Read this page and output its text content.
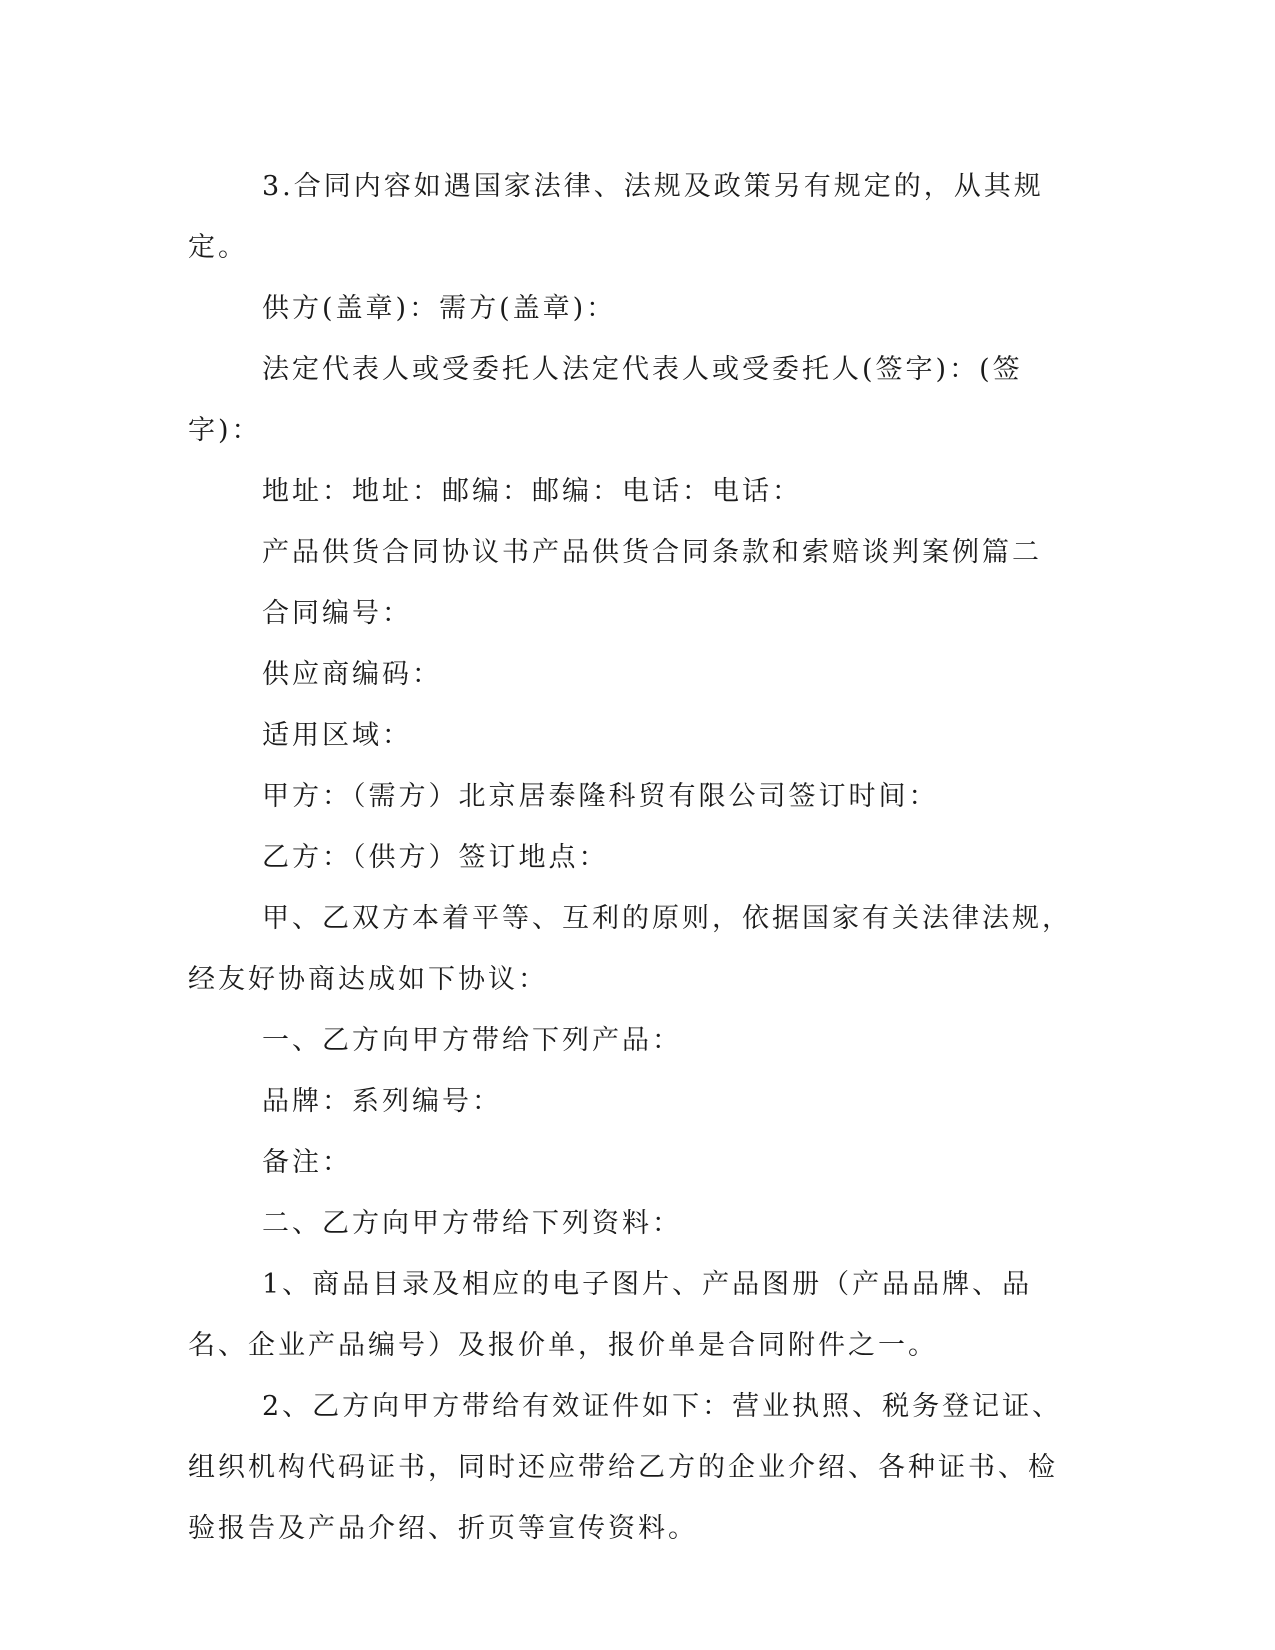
3.合同内容如遇国家法律、法规及政策另有规定的，从其规定。

供方(盖章)：需方(盖章)：

法定代表人或受委托人法定代表人或受委托人(签字)：(签字)：

地址：地址：邮编：邮编：电话：电话：

产品供货合同协议书产品供货合同条款和索赔谈判案例篇二

合同编号：

供应商编码：

适用区域：

甲方：（需方）北京居泰隆科贸有限公司签订时间：

乙方：（供方）签订地点：

甲、乙双方本着平等、互利的原则，依据国家有关法律法规，经友好协商达成如下协议：

一、乙方向甲方带给下列产品：

品牌：系列编号：

备注：

二、乙方向甲方带给下列资料：

1、商品目录及相应的电子图片、产品图册（产品品牌、品名、企业产品编号）及报价单，报价单是合同附件之一。

2、乙方向甲方带给有效证件如下：营业执照、税务登记证、组织机构代码证书，同时还应带给乙方的企业介绍、各种证书、检验报告及产品介绍、折页等宣传资料。
